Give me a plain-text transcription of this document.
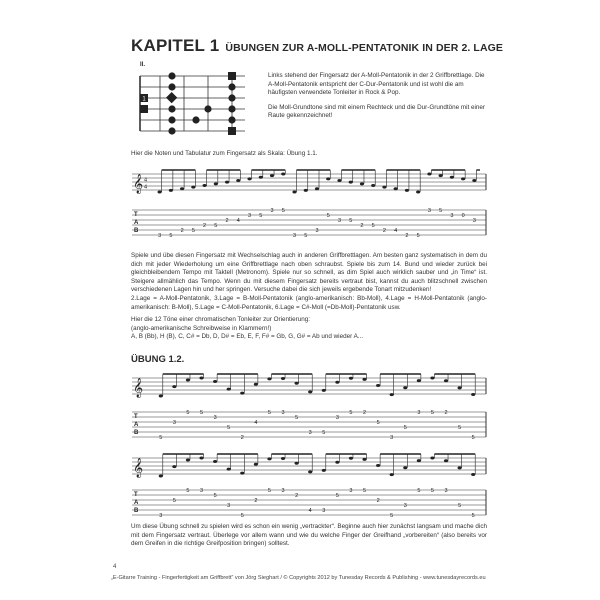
KAPITEL 1 ÜBUNGEN ZUR A-MOLL-PENTATONIK IN DER 2. LAGE
II.
1

Links stehend der Fingersatz der A-Moll-Pentatonik in der 2 Griffbrettlage. Die A-Moll-Pentatonik entspricht der C-Dur-Pentatonik und ist wohl die am häufigsten verwendete Tonleiter in Rock & Pop.

Die Moll-Grundtone sind mit einem Rechteck und die Dur-Grundtöne mit einer Raute gekennzeichnet!

Hier die Noten und Tabulatur zum Fingersatz als Skala: Übung 1.1.
𝄞 4
4
T
A
B
3 5
2 5
2 5
2 4
3 5
3 5
3 5
3
5
3 5
2 5
2 4
2 5
3 5
3 0
3
Spiele und übe diesen Fingersatz mit Wechselschlag auch in anderen Griffbrettlagen. Am besten ganz systematisch in dem du dich mit jeder Wiederholung um eine Griffbrettlage nach oben schraubst. Spiele bis zum 14. Bund und wieder zurück bei gleichbleibendem Tempo mit Taktell (Metronom). Spiele nur so schnell, as dim Spiel auch wirklich sauber und „in Time“ ist. Steigere allmählich das Tempo. Wenn du mit diesem Fingersatz bereits vertraut bist, kannst du auch blitzschnell zwischen verschiedenen Lagen hin und her springen. Versuche dabei die sich jeweils ergebende Tonart mitzudenken!
2.Lage = A-Moll-Pentatonik, 3.Lage = B-Moll-Pentatonik (anglo-amerikanisch: Bb-Moll), 4.Lage = H-Moll-Pentatonik (anglo-amerikanisch: B-Moll), 5.Lage = C-Moll-Pentatonik, 6.Lage = C#-Moll (=Db-Moll)-Pentatonik usw.
Hier die 12 Töne einer chromatischen Tonleiter zur Orientierung:
(anglo-amerikanische Schreibweise in Klammern!)
A, B (Bb), H (B), C, C# = Db, D, D# = Eb, E, F, F# = Gb, G, G# = Ab und wieder A...
ÜBUNG 1.2.
𝄞
T
A
B
5
3
5 5
3
5
2
4
5 3
5
3 5
3
5 2
5
3
5
3 5 2
5
5
𝄞
T
A
B
3
5
5 3
5
3
5
2
5 3
2
4 3
5
3 5
2
5
3
5 5 3
5
5
Um diese Übung schnell zu spielen wird es schon ein wenig „vertrackter“. Beginne auch hier zunächst langsam und mache dich mit dem Fingersatz vertraut. Überlege vor allem wann und wie du welche Finger der Greifhand „vorbereiten“ (also bereits vor dem Greifen in die richtige Greifposition bringen) solltest.
4
„E-Gitarre Training - Fingerfertigkeit am Griffbrett“ von Jörg Sieghart / © Copyrights 2012 by Tunesday Records & Publishing - www.tunesdayrecords.eu
